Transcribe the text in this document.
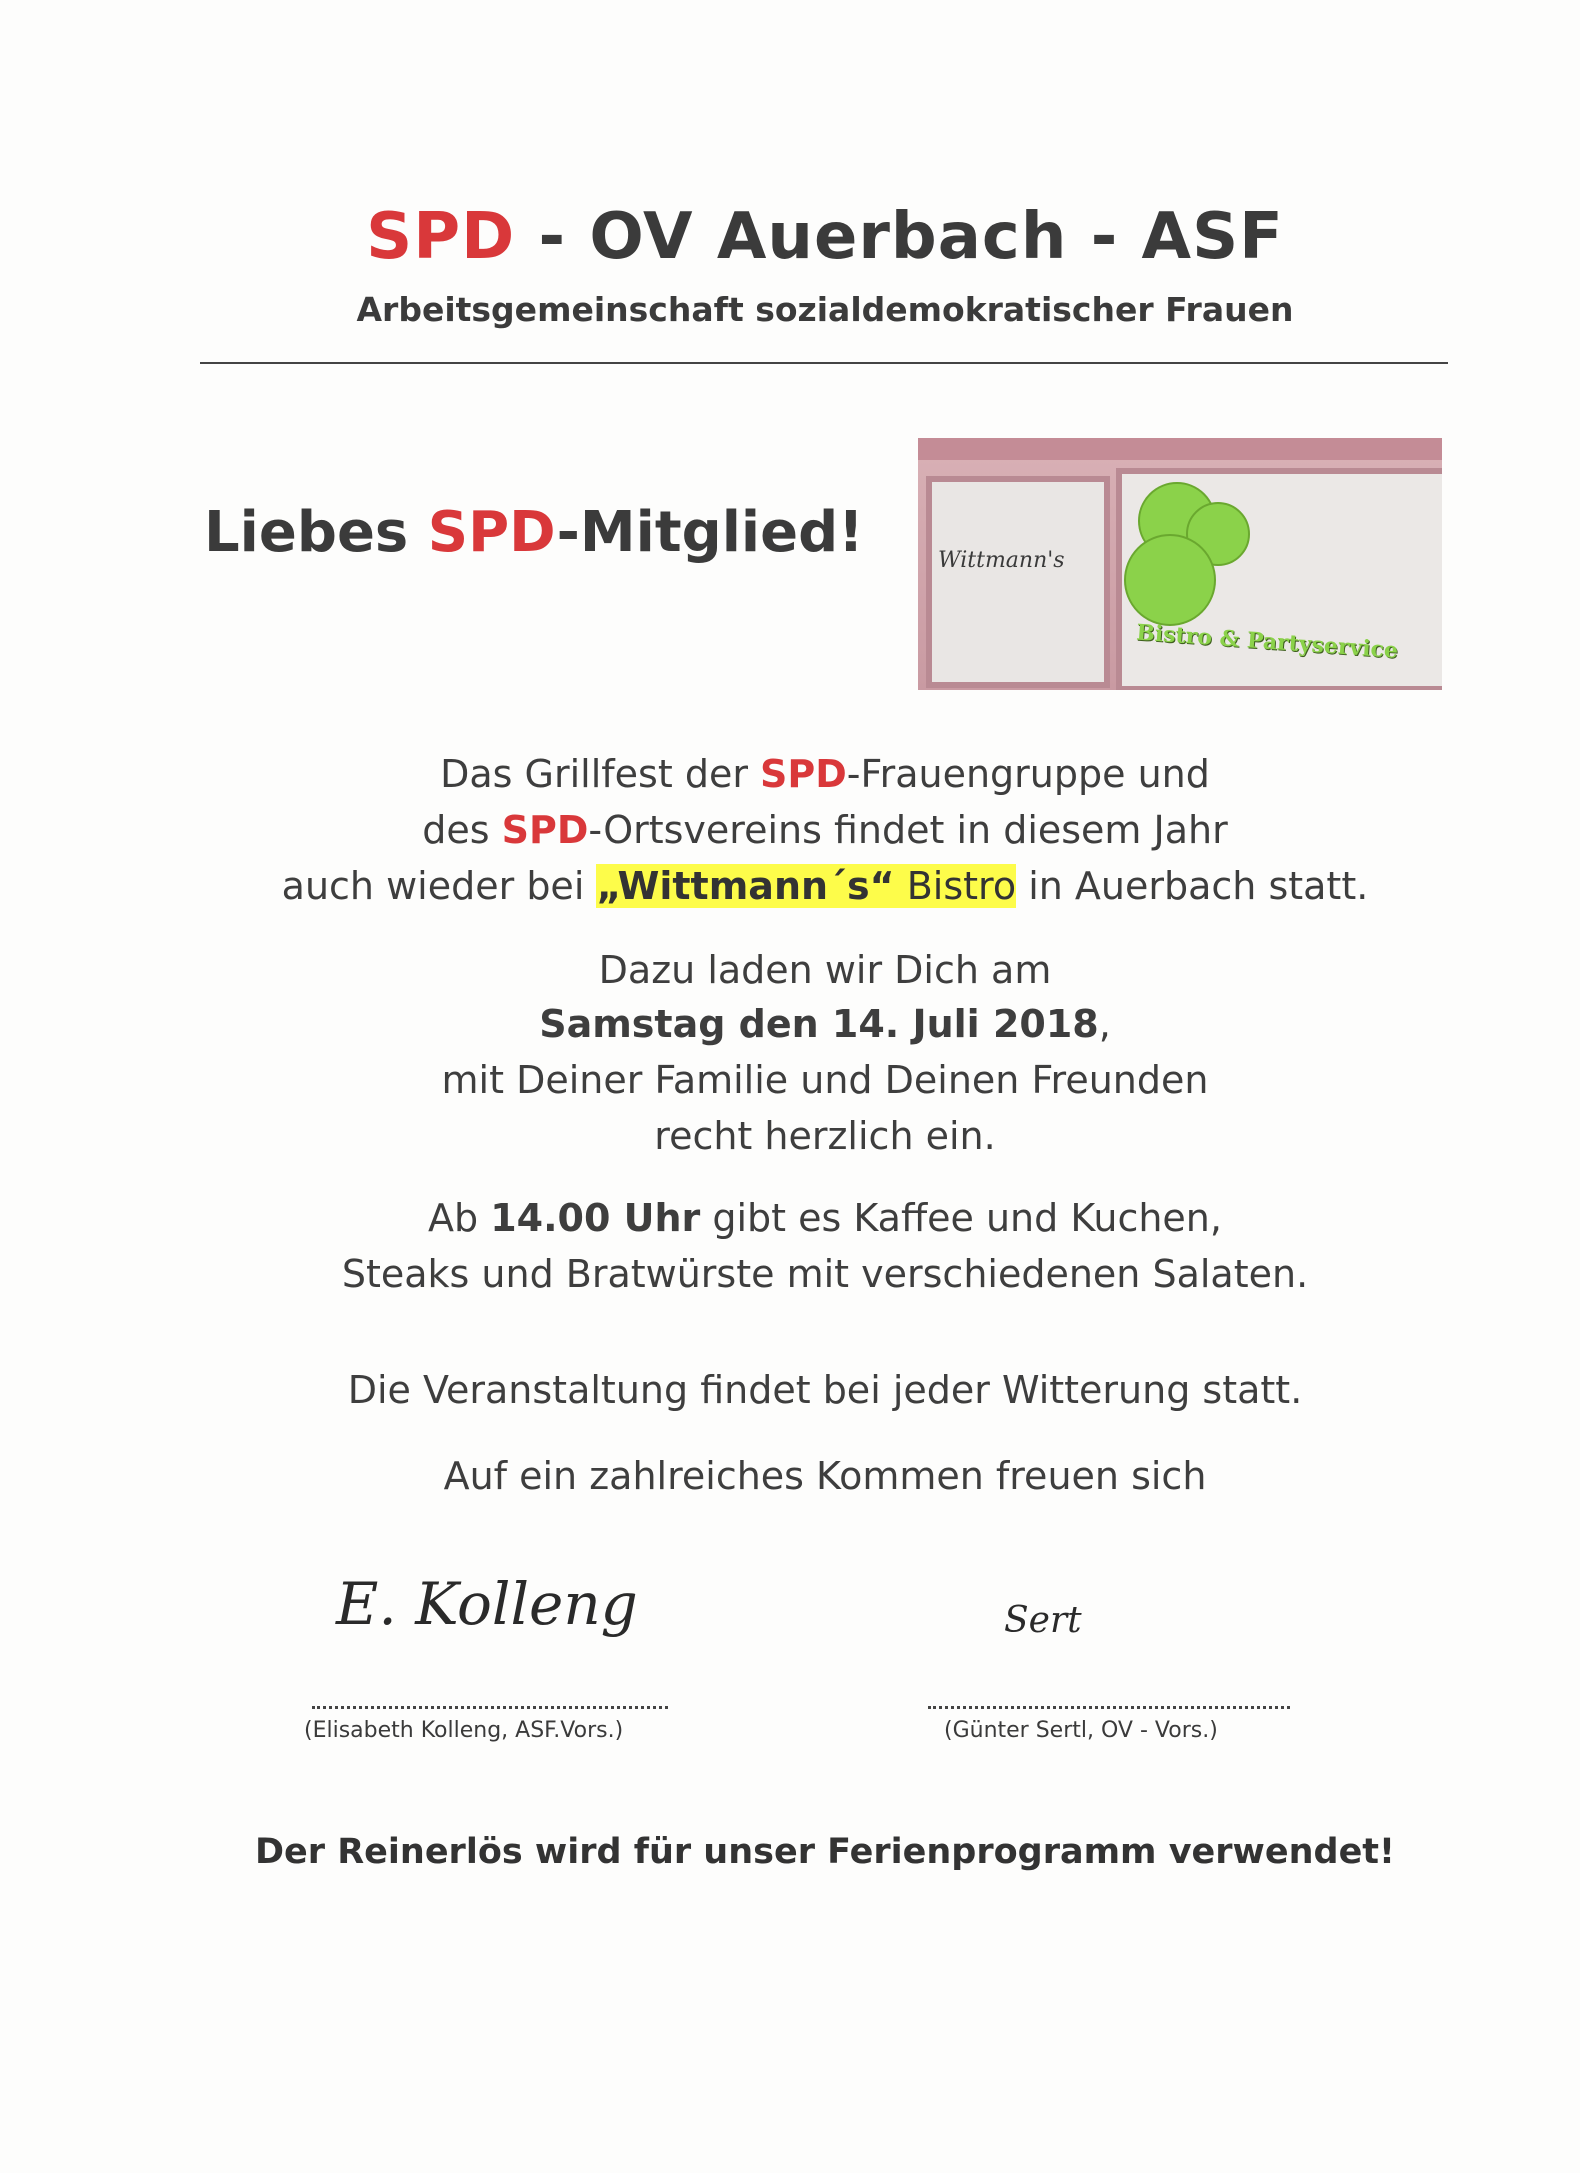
SPD - OV Auerbach - ASF
Arbeitsgemeinschaft sozialdemokratischer Frauen
Liebes SPD-Mitglied!	Wittmann's
Bistro & Partyservice
Das Grillfest der SPD-Frauengruppe und
des SPD-Ortsvereins findet in diesem Jahr
auch wieder bei „Wittmann´s“ Bistro in Auerbach statt.
Dazu laden wir Dich am
Samstag den 14. Juli 2018,
mit Deiner Familie und Deinen Freunden
recht herzlich ein.
Ab 14.00 Uhr gibt es Kaffee und Kuchen,
Steaks und Bratwürste mit verschiedenen Salaten.
Die Veranstaltung findet bei jeder Witterung statt.
Auf ein zahlreiches Kommen freuen sich
E. Kolleng
(Elisabeth Kolleng, ASF.Vors.)
Sert
(Günter Sertl, OV - Vors.)
Der Reinerlös wird für unser Ferienprogramm verwendet!
